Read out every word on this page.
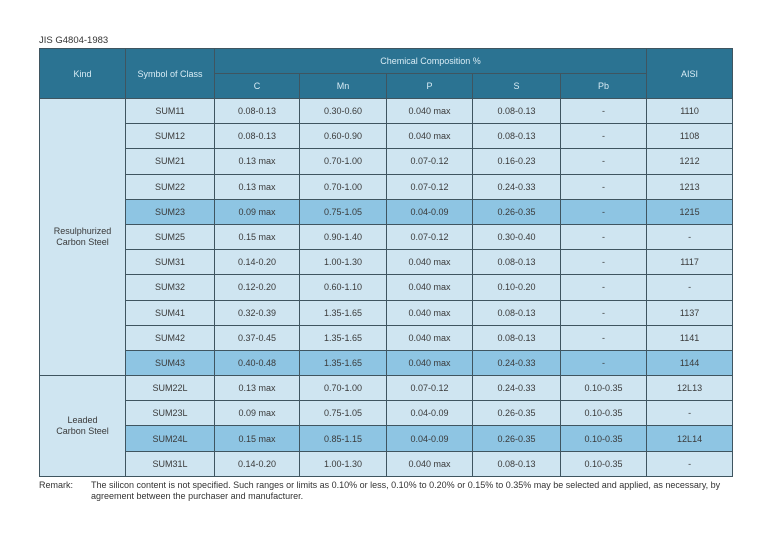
JIS G4804-1983
Kind	Symbol of Class	Chemical Composition %					AISI
		C	Mn	P	S	Pb	
Resulphurized
Carbon Steel	SUM11	0.08-0.13	0.30-0.60	0.040 max	0.08-0.13	-	1110
	SUM12	0.08-0.13	0.60-0.90	0.040 max	0.08-0.13	-	1108
	SUM21	0.13 max	0.70-1.00	0.07-0.12	0.16-0.23	-	1212
	SUM22	0.13 max	0.70-1.00	0.07-0.12	0.24-0.33	-	1213
	SUM23	0.09 max	0.75-1.05	0.04-0.09	0.26-0.35	-	1215
	SUM25	0.15 max	0.90-1.40	0.07-0.12	0.30-0.40	-	-
	SUM31	0.14-0.20	1.00-1.30	0.040 max	0.08-0.13	-	1117
	SUM32	0.12-0.20	0.60-1.10	0.040 max	0.10-0.20	-	-
	SUM41	0.32-0.39	1.35-1.65	0.040 max	0.08-0.13	-	1137
	SUM42	0.37-0.45	1.35-1.65	0.040 max	0.08-0.13	-	1141
	SUM43	0.40-0.48	1.35-1.65	0.040 max	0.24-0.33	-	1144
Leaded
Carbon Steel	SUM22L	0.13 max	0.70-1.00	0.07-0.12	0.24-0.33	0.10-0.35	12L13
	SUM23L	0.09 max	0.75-1.05	0.04-0.09	0.26-0.35	0.10-0.35	-
	SUM24L	0.15 max	0.85-1.15	0.04-0.09	0.26-0.35	0.10-0.35	12L14
	SUM31L	0.14-0.20	1.00-1.30	0.040 max	0.08-0.13	0.10-0.35	-
Remark:	The silicon content is not specified. Such ranges or limits as 0.10% or less, 0.10% to 0.20% or 0.15% to 0.35% may be selected and applied, as necessary, by agreement between the purchaser and manufacturer.
